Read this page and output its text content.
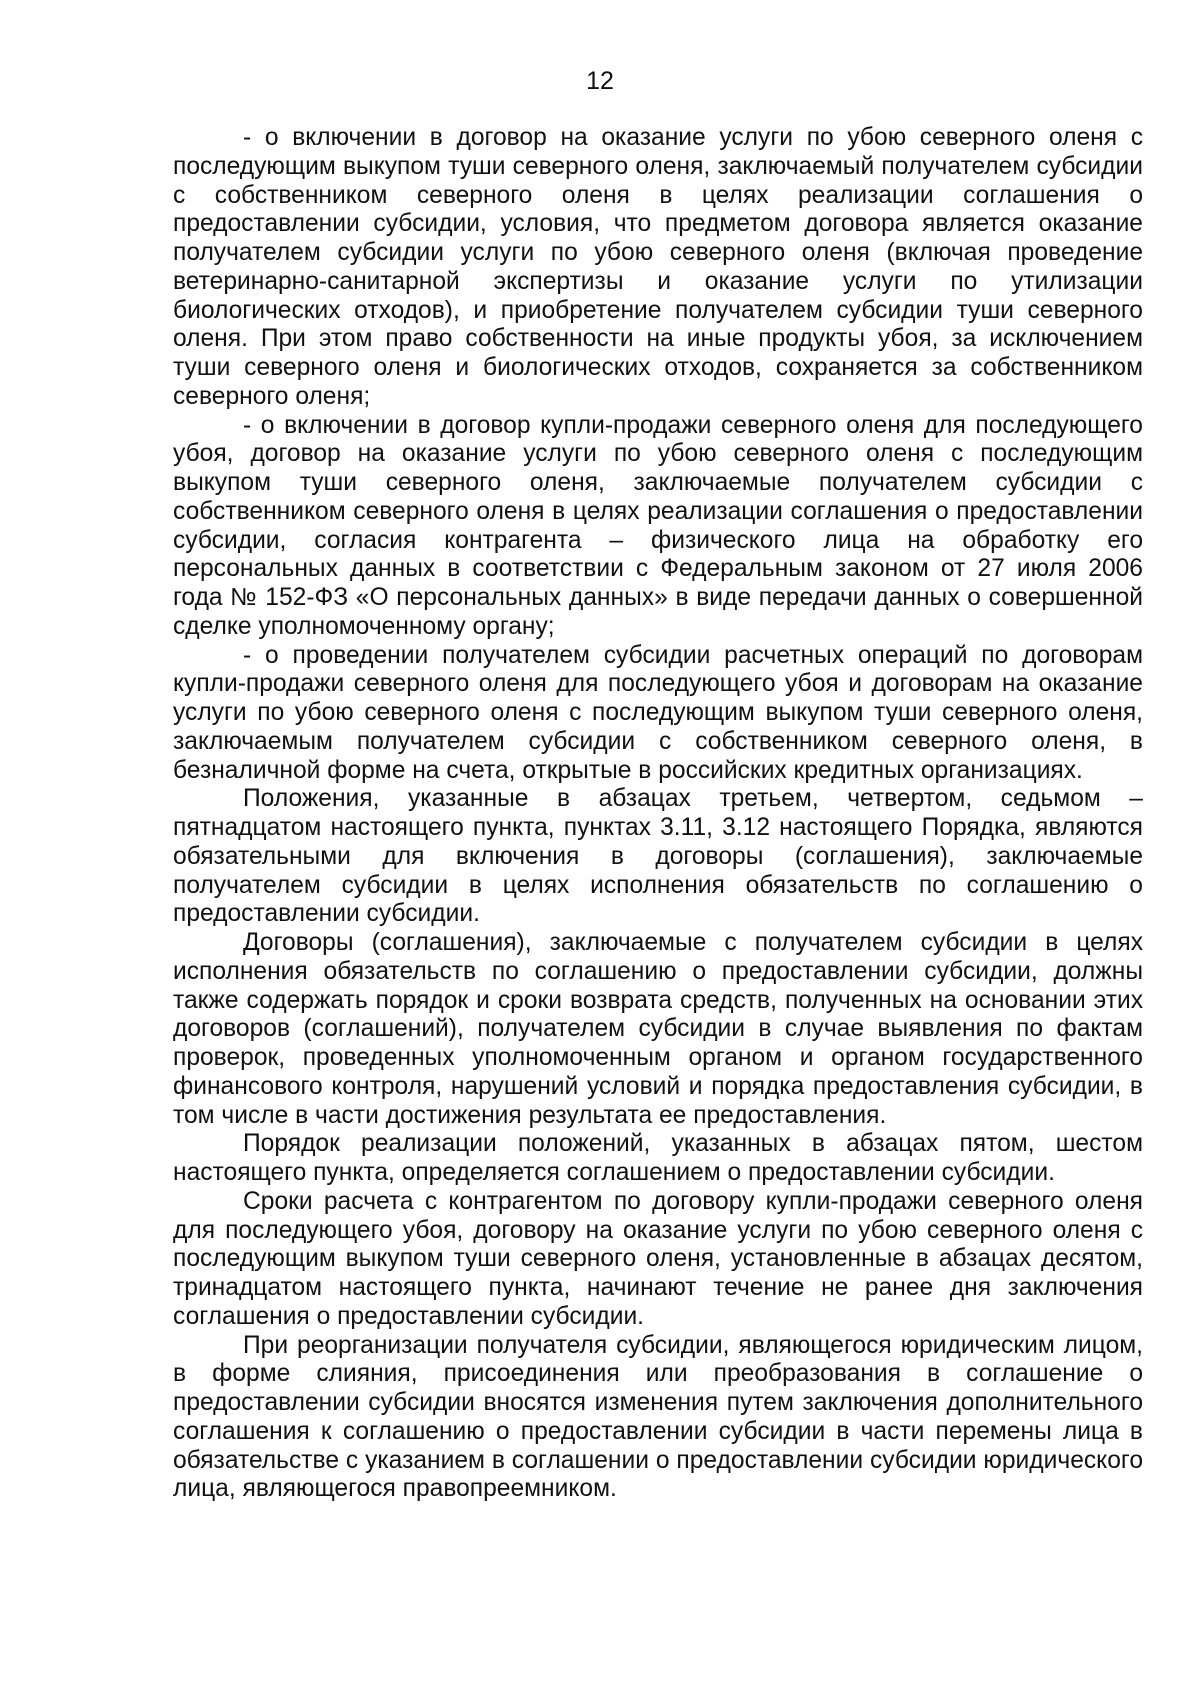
12

- о включении в договор на оказание услуги по убою северного оленя с последующим выкупом туши северного оленя, заключаемый получателем субсидии с собственником северного оленя в целях реализации соглашения о предоставлении субсидии, условия, что предметом договора является оказание получателем субсидии услуги по убою северного оленя (включая проведение ветеринарно-санитарной экспертизы и оказание услуги по утилизации биологических отходов), и приобретение получателем субсидии туши северного оленя. При этом право собственности на иные продукты убоя, за исключением туши северного оленя и биологических отходов, сохраняется за собственником северного оленя;

- о включении в договор купли-продажи северного оленя для последующего убоя, договор на оказание услуги по убою северного оленя с последующим выкупом туши северного оленя, заключаемые получателем субсидии с собственником северного оленя в целях реализации соглашения о предоставлении субсидии, согласия контрагента – физического лица на обработку его персональных данных в соответствии с Федеральным законом от 27 июля 2006 года № 152-ФЗ «О персональных данных» в виде передачи данных о совершенной сделке уполномоченному органу;

- о проведении получателем субсидии расчетных операций по договорам купли-продажи северного оленя для последующего убоя и договорам на оказание услуги по убою северного оленя с последующим выкупом туши северного оленя, заключаемым получателем субсидии с собственником северного оленя, в безналичной форме на счета, открытые в российских кредитных организациях.

Положения, указанные в абзацах третьем, четвертом, седьмом – пятнадцатом настоящего пункта, пунктах 3.11, 3.12 настоящего Порядка, являются обязательными для включения в договоры (соглашения), заключаемые получателем субсидии в целях исполнения обязательств по соглашению о предоставлении субсидии.

Договоры (соглашения), заключаемые с получателем субсидии в целях исполнения обязательств по соглашению о предоставлении субсидии, должны также содержать порядок и сроки возврата средств, полученных на основании этих договоров (соглашений), получателем субсидии в случае выявления по фактам проверок, проведенных уполномоченным органом и органом государственного финансового контроля, нарушений условий и порядка предоставления субсидии, в том числе в части достижения результата ее предоставления.

Порядок реализации положений, указанных в абзацах пятом, шестом настоящего пункта, определяется соглашением о предоставлении субсидии.

Сроки расчета с контрагентом по договору купли-продажи северного оленя для последующего убоя, договору на оказание услуги по убою северного оленя с последующим выкупом туши северного оленя, установленные в абзацах десятом, тринадцатом настоящего пункта, начинают течение не ранее дня заключения соглашения о предоставлении субсидии.

При реорганизации получателя субсидии, являющегося юридическим лицом, в форме слияния, присоединения или преобразования в соглашение о предоставлении субсидии вносятся изменения путем заключения дополнительного соглашения к соглашению о предоставлении субсидии в части перемены лица в обязательстве с указанием в соглашении о предоставлении субсидии юридического лица, являющегося правопреемником.
